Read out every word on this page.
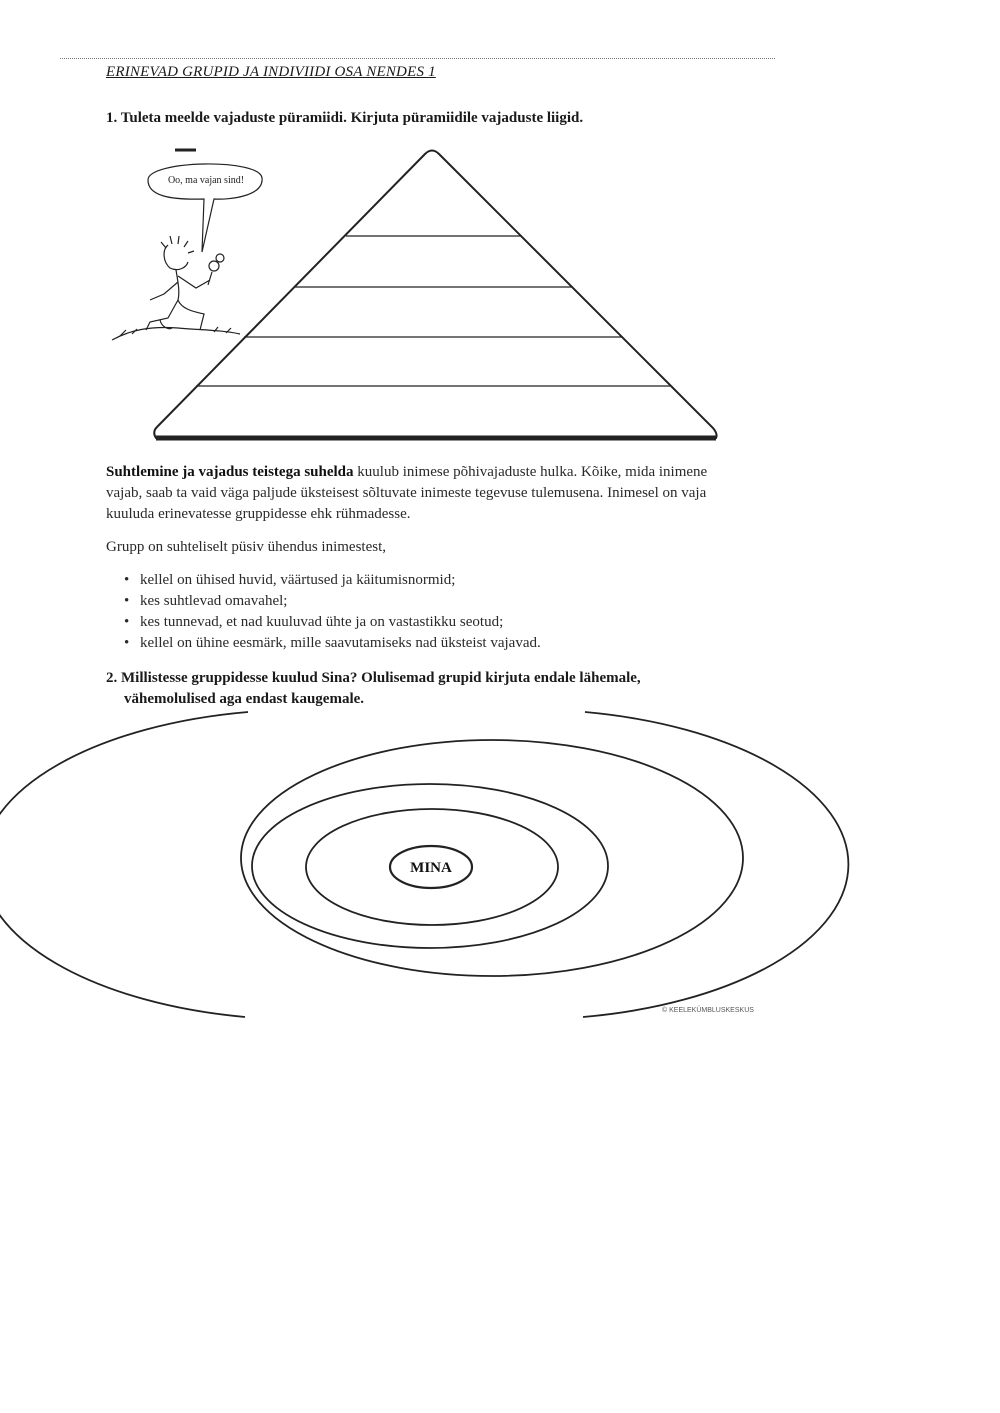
ERINEVAD GRUPID JA INDIVIIDI OSA NENDES 1
1. Tuleta meelde vajaduste püramiidi. Kirjuta püramiidile vajaduste liigid.
Oo, ma vajan sind!
MINA
Suhtlemine ja vajadus teistega suhelda kuulub inimese põhivajaduste hulka. Kõike, mida inimene vajab, saab ta vaid väga paljude üksteisest sõltuvate inimeste tegevuse tulemusena. Inimesel on vaja kuuluda erinevatesse gruppidesse ehk rühmadesse.
Grupp on suhteliselt püsiv ühendus inimestest,
• kellel on ühised huvid, väärtused ja käitumisnormid;
• kes suhtlevad omavahel;
• kes tunnevad, et nad kuuluvad ühte ja on vastastikku seotud;
• kellel on ühine eesmärk, mille saavutamiseks nad üksteist vajavad.
2. Millistesse gruppidesse kuulud Sina? Olulisemad grupid kirjuta endale lähemale,
vähemolulised aga endast kaugemale.
© KEELEKÜMBLUSKESKUS
